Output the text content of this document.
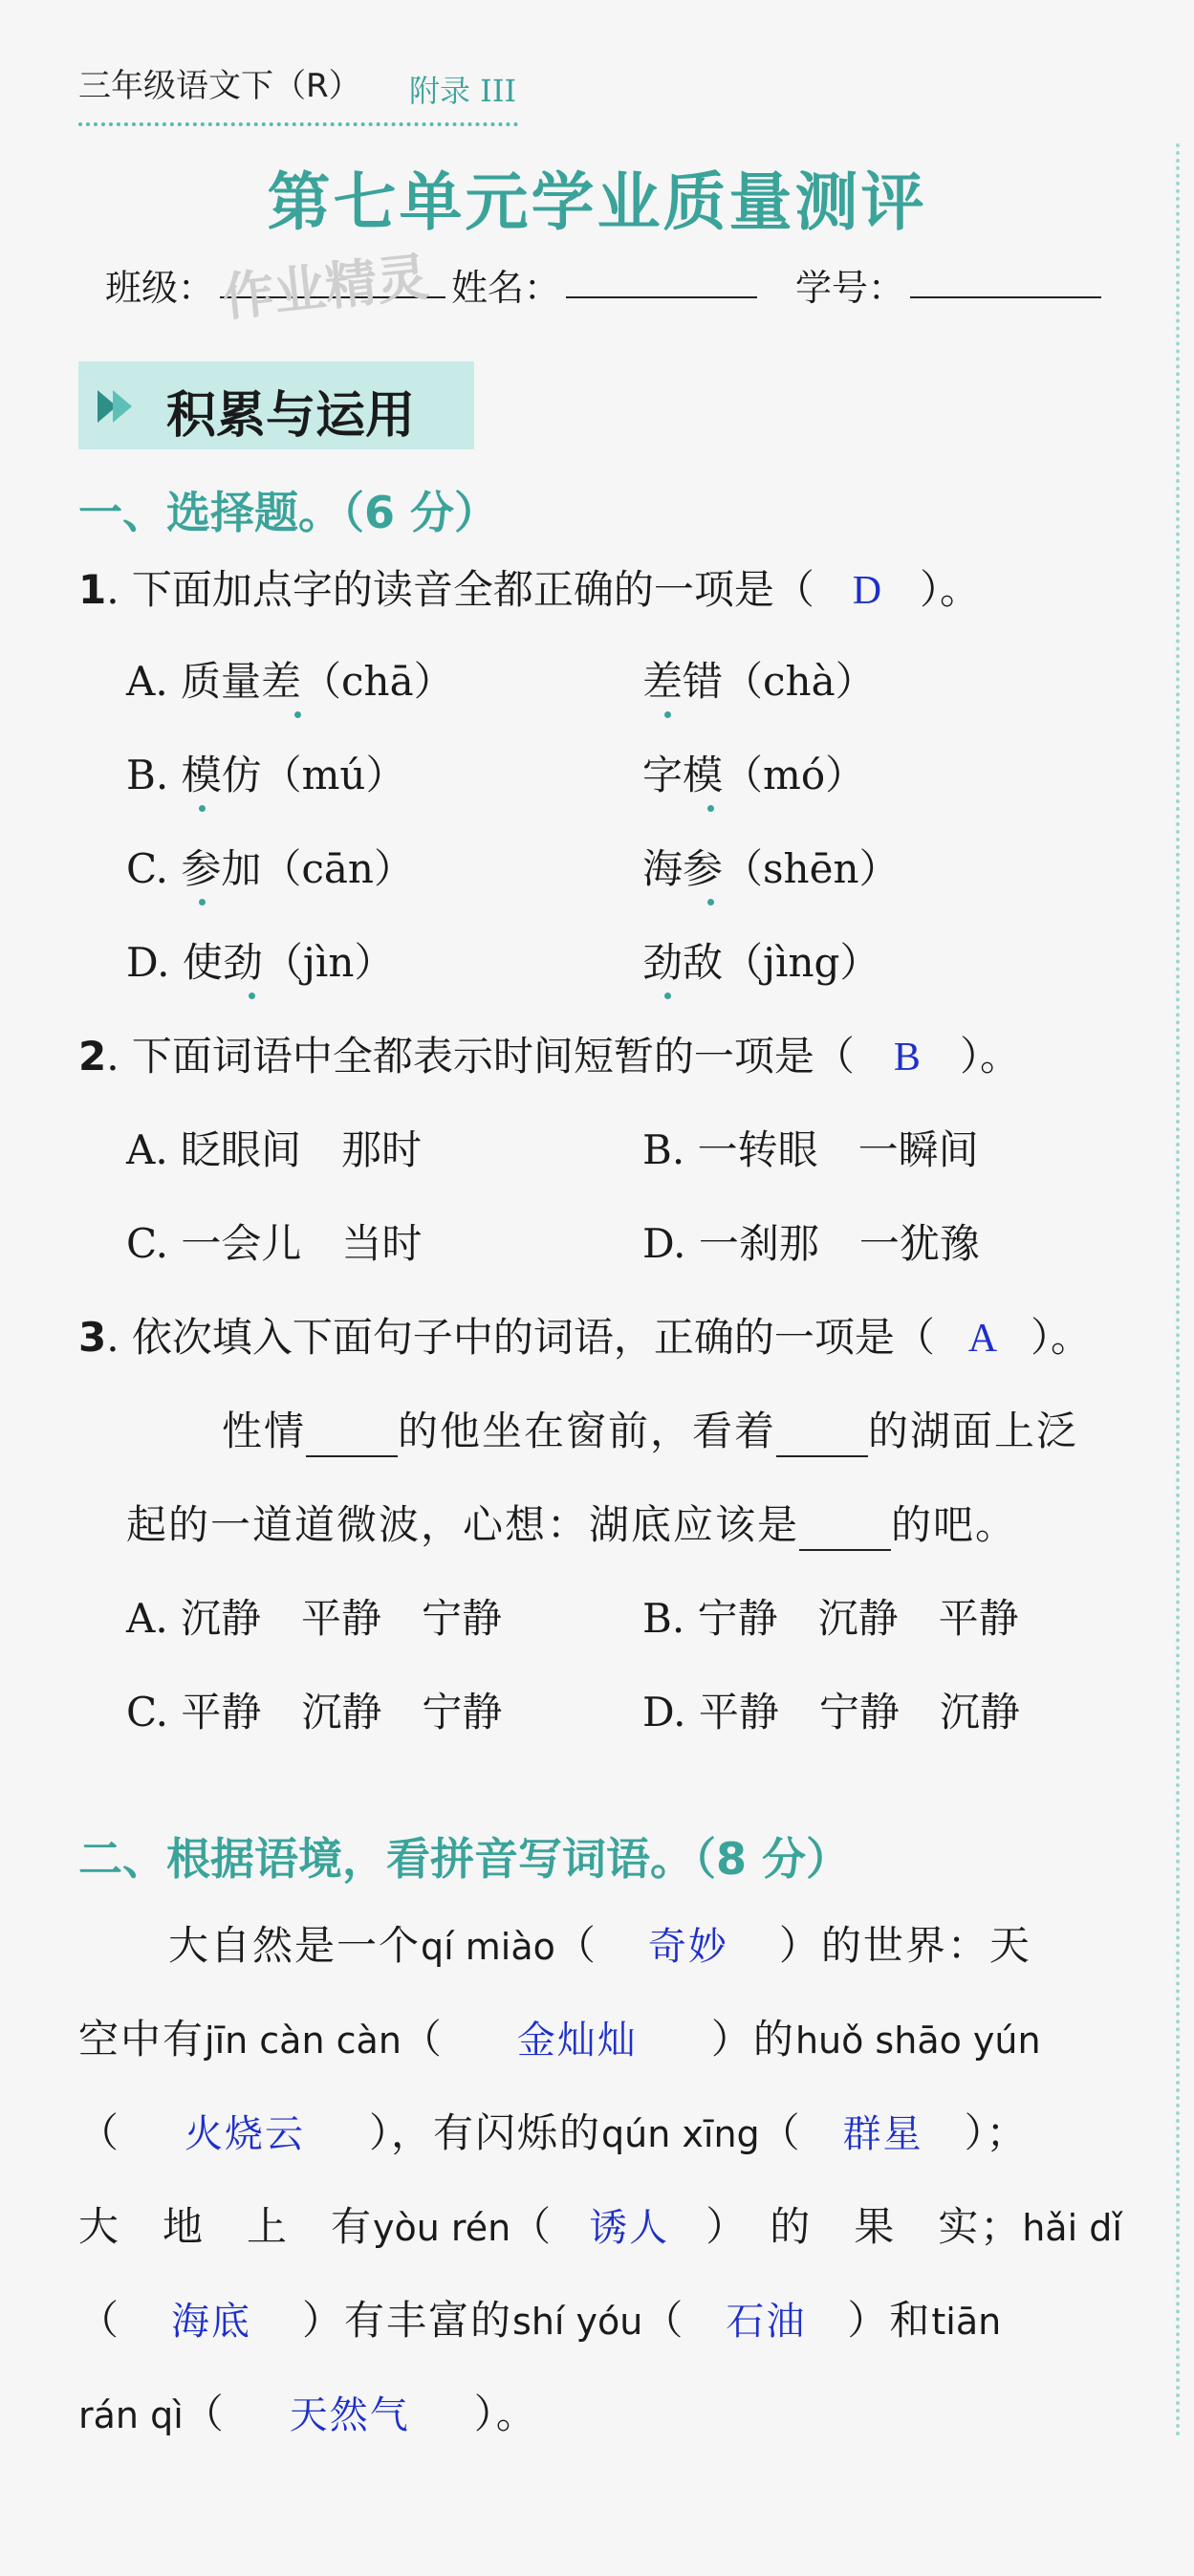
三年级语文下（R） 附录 III
第七单元学业质量测评
班级： 作业精灵 姓名：	学号：
积累与运用
一、选择题。（6 分）
1. 下面加点字的读音全都正确的一项是（ D ）。
A. 质量差（chā）	差错（chà）
B. 模仿（mú）	字模（mó）
C. 参加（cān）	海参（shēn）
D. 使劲（jìn）	劲敌（jìng）
2. 下面词语中全都表示时间短暂的一项是（ B ）。
A. 眨眼间　那时	B. 一转眼　一瞬间
C. 一会儿　当时	D. 一刹那　一犹豫
3. 依次填入下面句子中的词语，正确的一项是（ A ）。
性情 的他坐在窗前，看着 的湖面上泛
起的一道道微波，心想：湖底应该是 的吧。
A. 沉静　平静　宁静	B. 宁静　沉静　平静
C. 平静　沉静　宁静	D. 平静　宁静　沉静
二、根据语境，看拼音写词语。（8 分）
大自然是一个qí miào（ 奇妙 ）的世界：天
空中有jīn càn càn（ 金灿灿 ）的huǒ shāo yún
（ 火烧云 ），有闪烁的qún xīng（ 群星 ）；
大　地　上　有yòu rén（ 诱人 ）　的　果　实；hǎi dǐ
（ 海底 ）有丰富的shí yóu（ 石油 ）和tiān
rán qì（ 天然气 ）。
